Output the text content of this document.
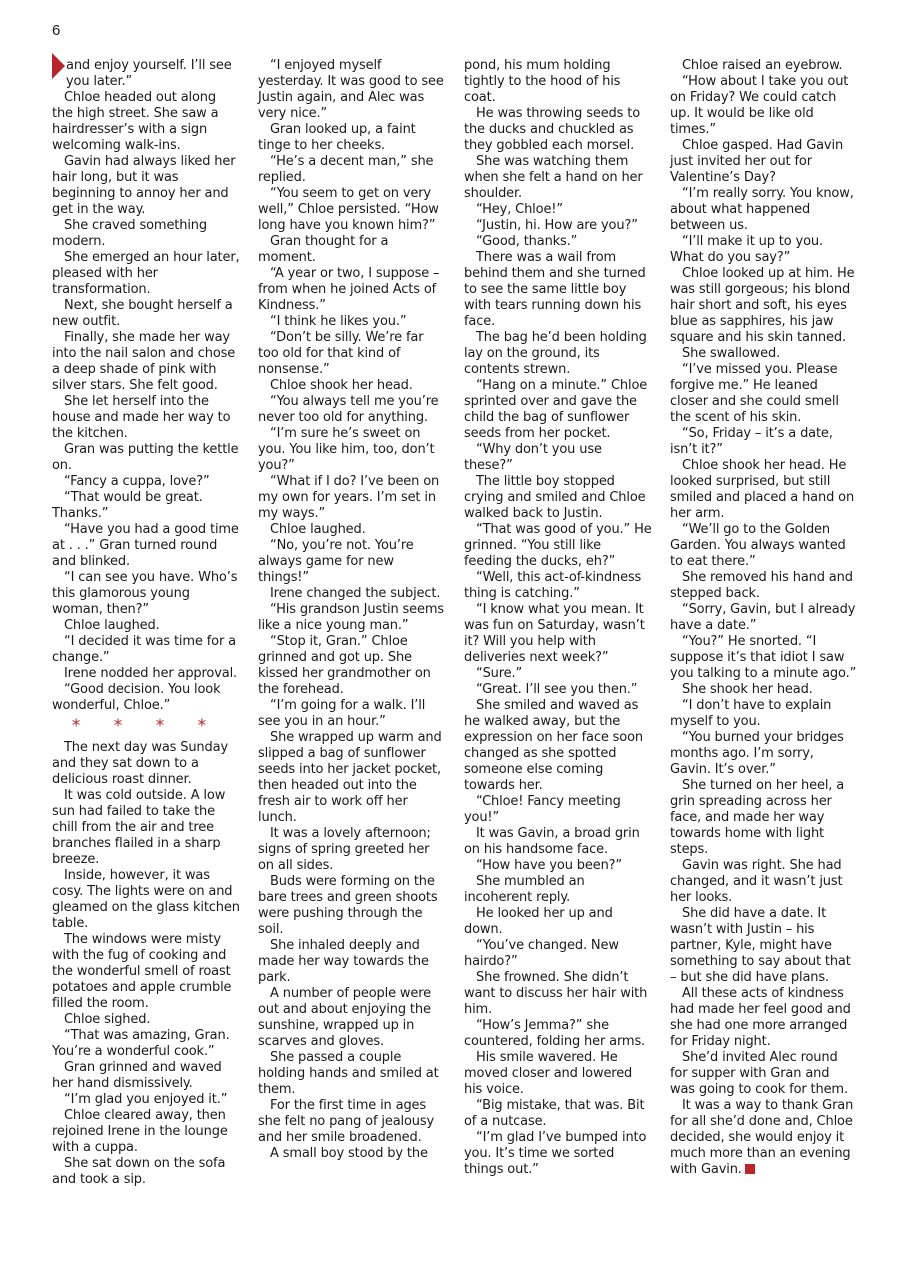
6

and enjoy yourself. I’ll see you later.”

Chloe headed out along the high street. She saw a hairdresser’s with a sign welcoming walk-ins.

Gavin had always liked her hair long, but it was beginning to annoy her and get in the way.

She craved something modern.

She emerged an hour later, pleased with her transformation.

Next, she bought herself a new outfit.

Finally, she made her way into the nail salon and chose a deep shade of pink with silver stars. She felt good.

She let herself into the house and made her way to the kitchen.

Gran was putting the kettle on.

“Fancy a cuppa, love?”

“That would be great. Thanks.”

“Have you had a good time at . . .” Gran turned round and blinked.

“I can see you have. Who’s this glamorous young woman, then?”

Chloe laughed.

“I decided it was time for a change.”

Irene nodded her approval.

“Good decision. You look wonderful, Chloe.”

* * * *

The next day was Sunday and they sat down to a delicious roast dinner.

It was cold outside. A low sun had failed to take the chill from the air and tree branches flailed in a sharp breeze.

Inside, however, it was cosy. The lights were on and gleamed on the glass kitchen table.

The windows were misty with the fug of cooking and the wonderful smell of roast potatoes and apple crumble filled the room.

Chloe sighed.

“That was amazing, Gran. You’re a wonderful cook.”

Gran grinned and waved her hand dismissively.

“I’m glad you enjoyed it.”

Chloe cleared away, then rejoined Irene in the lounge with a cuppa.

She sat down on the sofa and took a sip.

“I enjoyed myself yesterday. It was good to see Justin again, and Alec was very nice.”

Gran looked up, a faint tinge to her cheeks.

“He’s a decent man,” she replied.

“You seem to get on very well,” Chloe persisted. “How long have you known him?”

Gran thought for a moment.

“A year or two, I suppose – from when he joined Acts of Kindness.”

“I think he likes you.”

“Don’t be silly. We’re far too old for that kind of nonsense.”

Chloe shook her head.

“You always tell me you’re never too old for anything.

“I’m sure he’s sweet on you. You like him, too, don’t you?”

“What if I do? I’ve been on my own for years. I’m set in my ways.”

Chloe laughed.

“No, you’re not. You’re always game for new things!”

Irene changed the subject.

“His grandson Justin seems like a nice young man.”

“Stop it, Gran.” Chloe grinned and got up. She kissed her grandmother on the forehead.

“I’m going for a walk. I’ll see you in an hour.”

She wrapped up warm and slipped a bag of sunflower seeds into her jacket pocket, then headed out into the fresh air to work off her lunch.

It was a lovely afternoon; signs of spring greeted her on all sides.

Buds were forming on the bare trees and green shoots were pushing through the soil.

She inhaled deeply and made her way towards the park.

A number of people were out and about enjoying the sunshine, wrapped up in scarves and gloves.

She passed a couple holding hands and smiled at them.

For the first time in ages she felt no pang of jealousy and her smile broadened.

A small boy stood by the

pond, his mum holding tightly to the hood of his coat.

He was throwing seeds to the ducks and chuckled as they gobbled each morsel.

She was watching them when she felt a hand on her shoulder.

“Hey, Chloe!”

“Justin, hi. How are you?”

“Good, thanks.”

There was a wail from behind them and she turned to see the same little boy with tears running down his face.

The bag he’d been holding lay on the ground, its contents strewn.

“Hang on a minute.” Chloe sprinted over and gave the child the bag of sunflower seeds from her pocket.

“Why don’t you use these?”

The little boy stopped crying and smiled and Chloe walked back to Justin.

“That was good of you.” He grinned. “You still like feeding the ducks, eh?”

“Well, this act-of-kindness thing is catching.”

“I know what you mean. It was fun on Saturday, wasn’t it? Will you help with deliveries next week?”

“Sure.”

“Great. I’ll see you then.”

She smiled and waved as he walked away, but the expression on her face soon changed as she spotted someone else coming towards her.

“Chloe! Fancy meeting you!”

It was Gavin, a broad grin on his handsome face.

“How have you been?”

She mumbled an incoherent reply.

He looked her up and down.

“You’ve changed. New hairdo?”

She frowned. She didn’t want to discuss her hair with him.

“How’s Jemma?” she countered, folding her arms.

His smile wavered. He moved closer and lowered his voice.

“Big mistake, that was. Bit of a nutcase.

“I’m glad I’ve bumped into you. It’s time we sorted things out.”

Chloe raised an eyebrow.

“How about I take you out on Friday? We could catch up. It would be like old times.”

Chloe gasped. Had Gavin just invited her out for Valentine’s Day?

“I’m really sorry. You know, about what happened between us.

“I’ll make it up to you. What do you say?”

Chloe looked up at him. He was still gorgeous; his blond hair short and soft, his eyes blue as sapphires, his jaw square and his skin tanned.

She swallowed.

“I’ve missed you. Please forgive me.” He leaned closer and she could smell the scent of his skin.

“So, Friday – it’s a date, isn’t it?”

Chloe shook her head. He looked surprised, but still smiled and placed a hand on her arm.

“We’ll go to the Golden Garden. You always wanted to eat there.”

She removed his hand and stepped back.

“Sorry, Gavin, but I already have a date.”

“You?” He snorted. “I suppose it’s that idiot I saw you talking to a minute ago.”

She shook her head.

“I don’t have to explain myself to you.

“You burned your bridges months ago. I’m sorry, Gavin. It’s over.”

She turned on her heel, a grin spreading across her face, and made her way towards home with light steps.

Gavin was right. She had changed, and it wasn’t just her looks.

She did have a date. It wasn’t with Justin – his partner, Kyle, might have something to say about that – but she did have plans.

All these acts of kindness had made her feel good and she had one more arranged for Friday night.

She’d invited Alec round for supper with Gran and was going to cook for them.

It was a way to thank Gran for all she’d done and, Chloe decided, she would enjoy it much more than an evening with Gavin.
